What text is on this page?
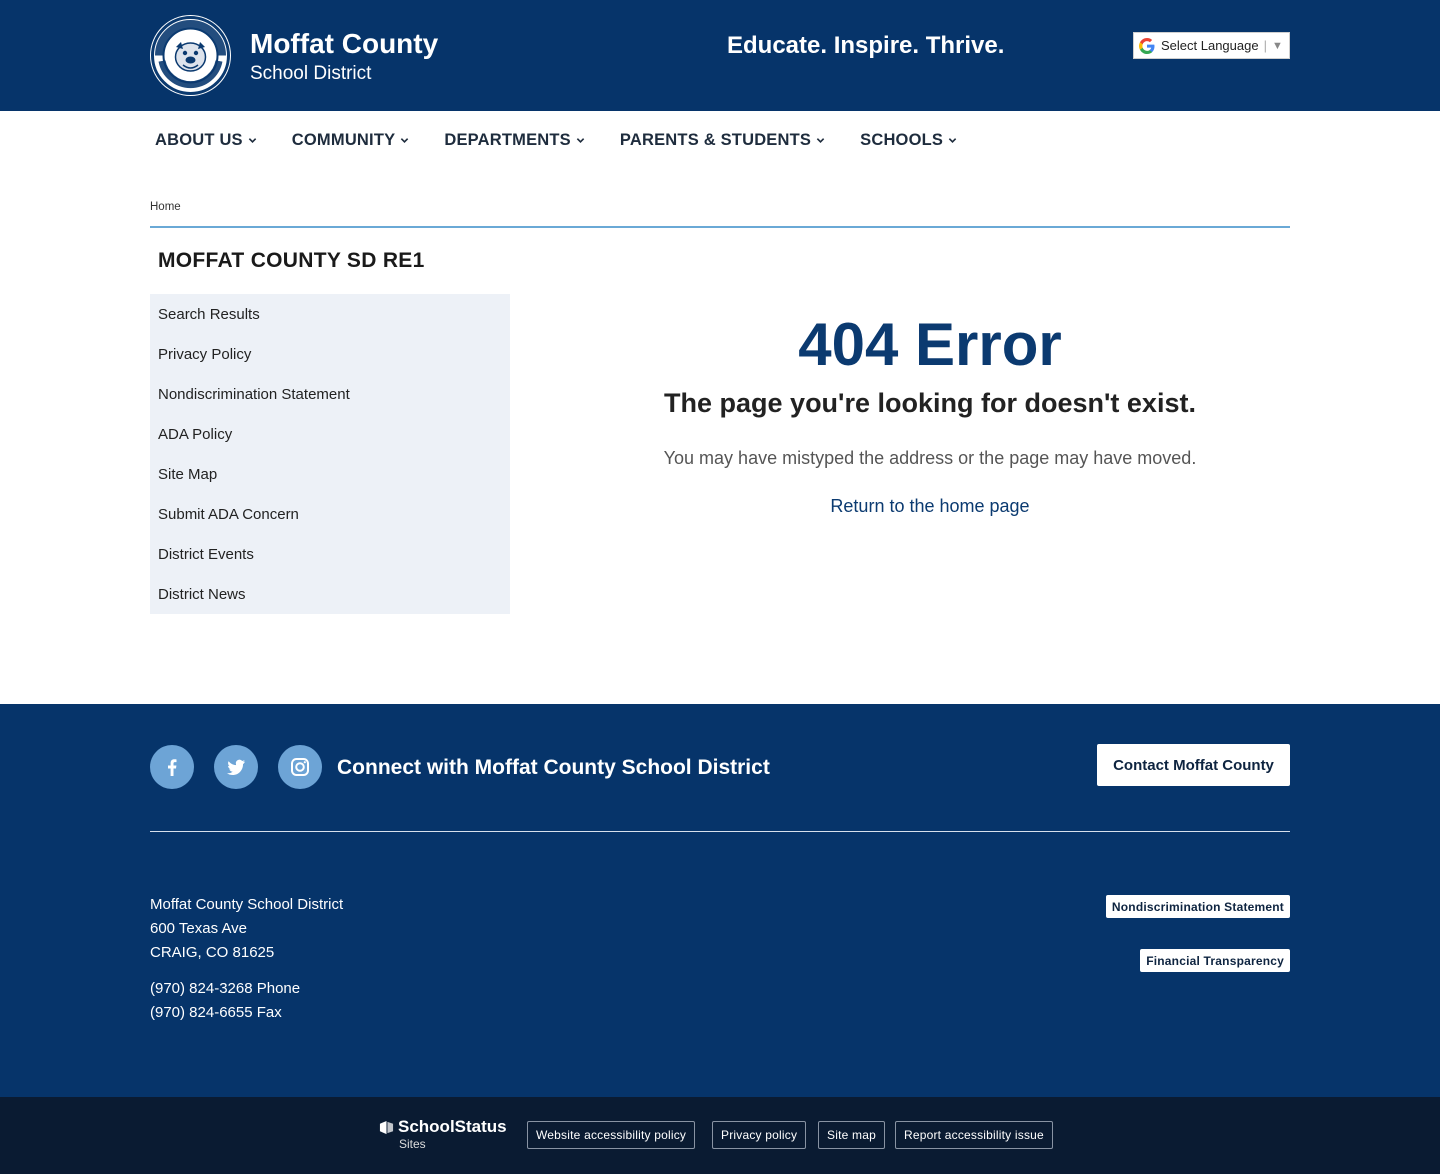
Moffat County
School District
Educate. Inspire. Thrive.	Select Language | ▼
ABOUT US	COMMUNITY	DEPARTMENTS	PARENTS & STUDENTS	SCHOOLS
Home
MOFFAT COUNTY SD RE1
Search Results
Privacy Policy
Nondiscrimination Statement
ADA Policy
Site Map
Submit ADA Concern
District Events
District News
404 Error
The page you're looking for doesn't exist.
You may have mistyped the address or the page may have moved.
Return to the home page
Connect with Moffat County School District	Contact Moffat County
Moffat County School District
600 Texas Ave
CRAIG, CO 81625
(970) 824-3268 Phone
(970) 824-6655 Fax
Nondiscrimination Statement
Financial Transparency
SchoolStatus
Sites
Website accessibility policy	Privacy policy	Site map	Report accessibility issue
